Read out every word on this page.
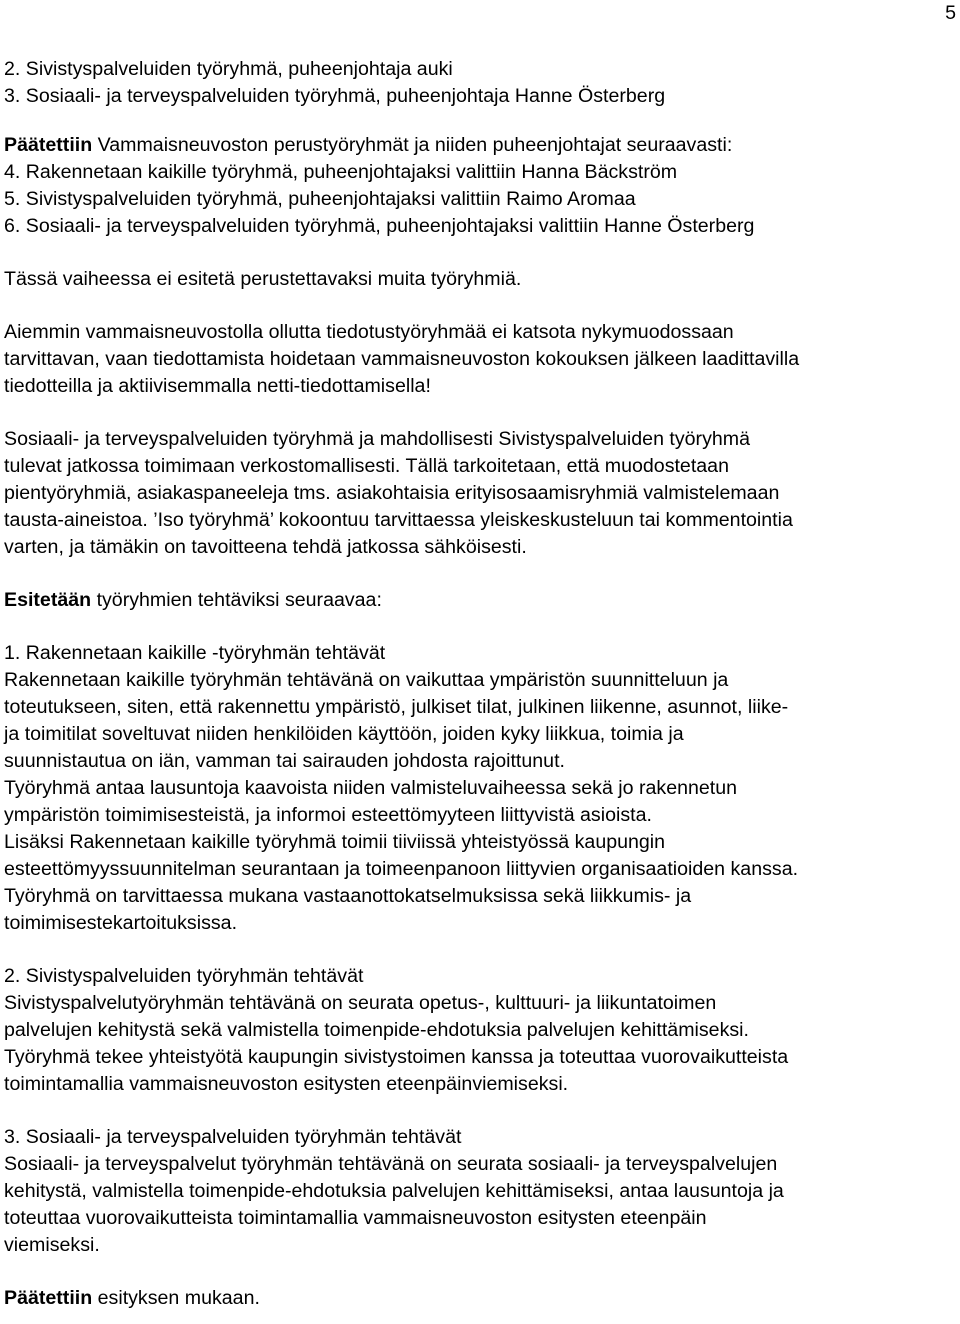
5
2. Sivistyspalveluiden työryhmä, puheenjohtaja auki
3. Sosiaali- ja terveyspalveluiden työryhmä, puheenjohtaja Hanne Österberg
Päätettiin Vammaisneuvoston perustyöryhmät ja niiden puheenjohtajat seuraavasti:
4. Rakennetaan kaikille työryhmä, puheenjohtajaksi valittiin Hanna Bäckström
5. Sivistyspalveluiden työryhmä, puheenjohtajaksi valittiin Raimo Aromaa
6. Sosiaali- ja terveyspalveluiden työryhmä, puheenjohtajaksi valittiin Hanne Österberg
Tässä vaiheessa ei esitetä perustettavaksi muita työryhmiä.
Aiemmin vammaisneuvostolla ollutta tiedotustyöryhmää ei katsota nykymuodossaan
tarvittavan, vaan tiedottamista hoidetaan vammaisneuvoston kokouksen jälkeen laadittavilla
tiedotteilla ja aktiivisemmalla netti-tiedottamisella!
Sosiaali- ja terveyspalveluiden työryhmä ja mahdollisesti Sivistyspalveluiden työryhmä
tulevat jatkossa toimimaan verkostomallisesti. Tällä tarkoitetaan, että muodostetaan
pientyöryhmiä, asiakaspaneeleja tms. asiakohtaisia erityisosaamisryhmiä valmistelemaan
tausta-aineistoa. ’Iso työryhmä’ kokoontuu tarvittaessa yleiskeskusteluun tai kommentointia
varten, ja tämäkin on tavoitteena tehdä jatkossa sähköisesti.
Esitetään työryhmien tehtäviksi seuraavaa:
1. Rakennetaan kaikille -työryhmän tehtävät
Rakennetaan kaikille työryhmän tehtävänä on vaikuttaa ympäristön suunnitteluun ja
toteutukseen, siten, että rakennettu ympäristö, julkiset tilat, julkinen liikenne, asunnot, liike-
ja toimitilat soveltuvat niiden henkilöiden käyttöön, joiden kyky liikkua, toimia ja
suunnistautua on iän, vamman tai sairauden johdosta rajoittunut.
Työryhmä antaa lausuntoja kaavoista niiden valmisteluvaiheessa sekä jo rakennetun
ympäristön toimimisesteistä, ja informoi esteettömyyteen liittyvistä asioista.
Lisäksi Rakennetaan kaikille työryhmä toimii tiiviissä yhteistyössä kaupungin
esteettömyyssuunnitelman seurantaan ja toimeenpanoon liittyvien organisaatioiden kanssa.
Työryhmä on tarvittaessa mukana vastaanottokatselmuksissa sekä liikkumis- ja
toimimisestekartoituksissa.
2. Sivistyspalveluiden työryhmän tehtävät
Sivistyspalvelutyöryhmän tehtävänä on seurata opetus-, kulttuuri- ja liikuntatoimen
palvelujen kehitystä sekä valmistella toimenpide-ehdotuksia palvelujen kehittämiseksi.
Työryhmä tekee yhteistyötä kaupungin sivistystoimen kanssa ja toteuttaa vuorovaikutteista
toimintamallia vammaisneuvoston esitysten eteenpäinviemiseksi.
3. Sosiaali- ja terveyspalveluiden työryhmän tehtävät
Sosiaali- ja terveyspalvelut työryhmän tehtävänä on seurata sosiaali- ja terveyspalvelujen
kehitystä, valmistella toimenpide-ehdotuksia palvelujen kehittämiseksi, antaa lausuntoja ja
toteuttaa vuorovaikutteista toimintamallia vammaisneuvoston esitysten eteenpäin
viemiseksi.
Päätettiin esityksen mukaan.
